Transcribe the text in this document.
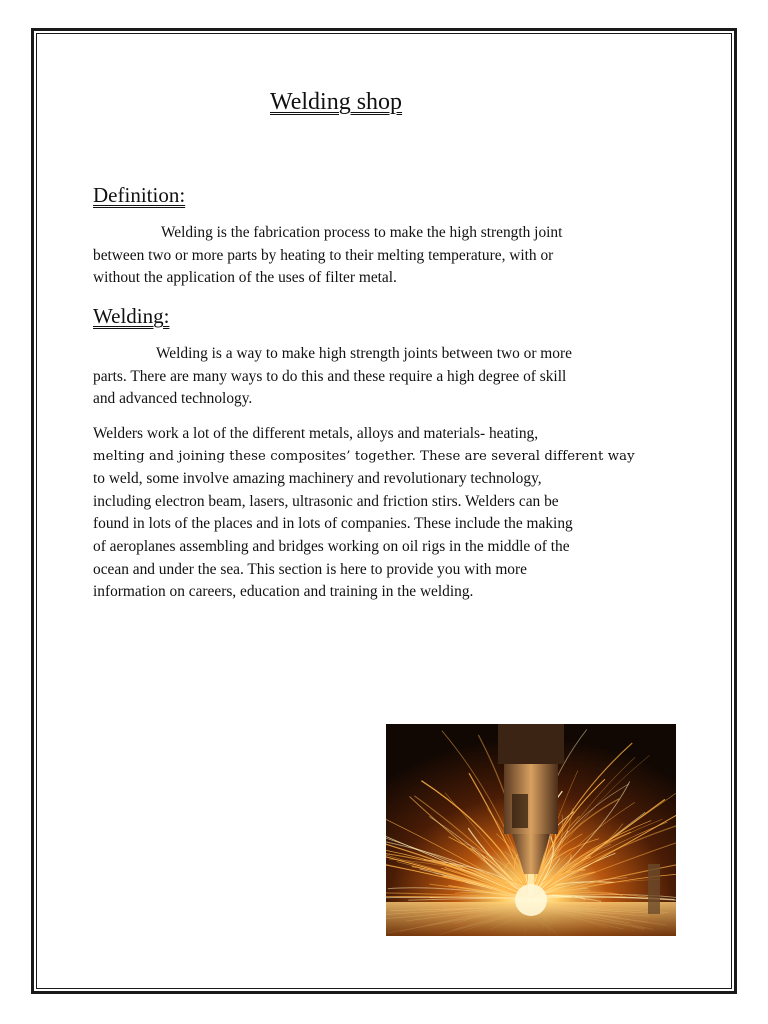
Welding shop
Definition:

Welding is the fabrication process to make the high strength joint
between two or more parts by heating to their melting temperature, with or
without the application of the uses of filter metal.

Welding:

Welding is a way to make high strength joints between two or more
parts. There are many ways to do this and these require a high degree of skill
and advanced technology.

Welders work a lot of the different metals, alloys and materials- heating,
melting and joining these composites’ together. These are several different way
to weld, some involve amazing machinery and revolutionary technology,
including electron beam, lasers, ultrasonic and friction stirs. Welders can be
found in lots of the places and in lots of companies. These include the making
of aeroplanes assembling and bridges working on oil rigs in the middle of the
ocean and under the sea. This section is here to provide you with more
information on careers, education and training in the welding.
